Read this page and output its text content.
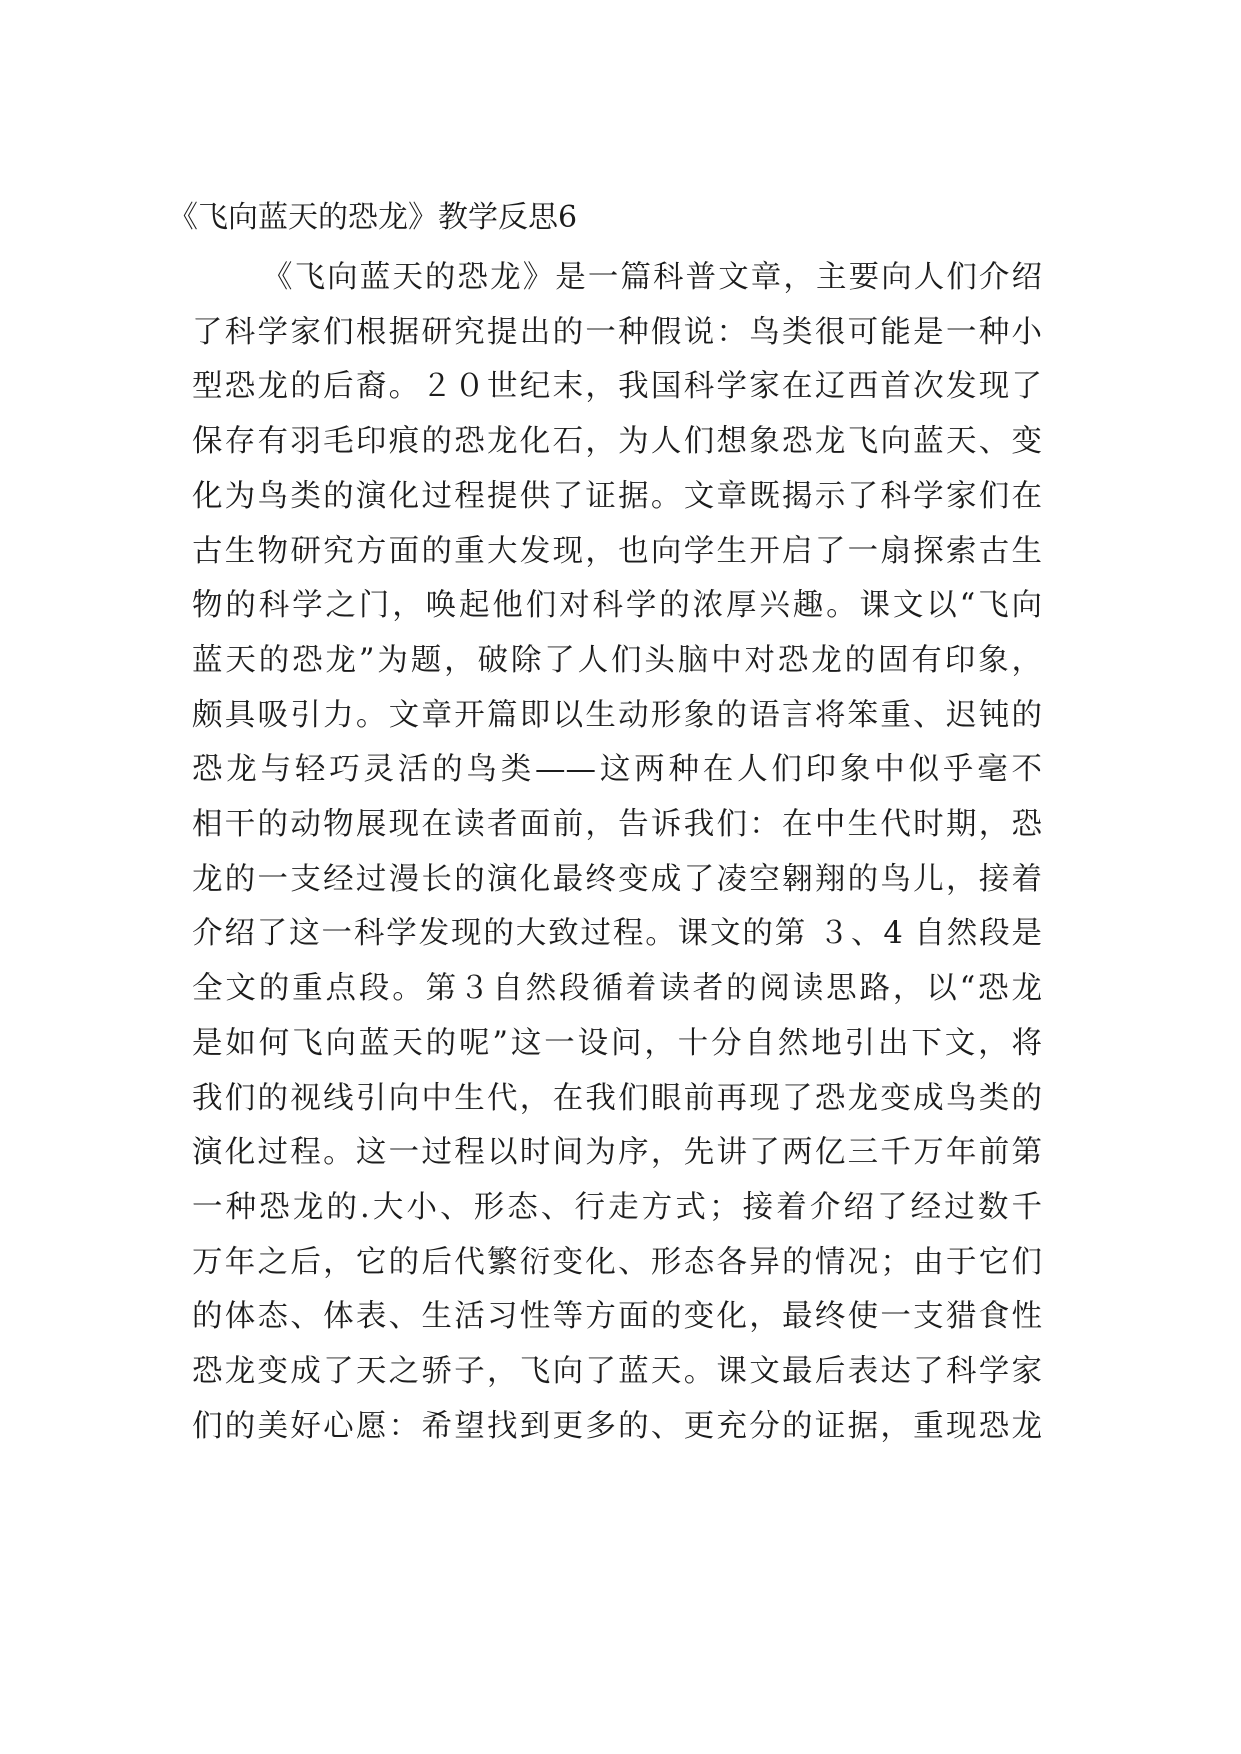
《飞向蓝天的恐龙》教学反思6
《飞向蓝天的恐龙》是一篇科普文章，主要向人们介绍
了科学家们根据研究提出的一种假说：鸟类很可能是一种小
型恐龙的后裔。２０世纪末，我国科学家在辽西首次发现了
保存有羽毛印痕的恐龙化石，为人们想象恐龙飞向蓝天、变
化为鸟类的演化过程提供了证据。文章既揭示了科学家们在
古生物研究方面的重大发现，也向学生开启了一扇探索古生
物的科学之门，唤起他们对科学的浓厚兴趣。课文以“飞向
蓝天的恐龙”为题，破除了人们头脑中对恐龙的固有印象，
颇具吸引力。文章开篇即以生动形象的语言将笨重、迟钝的
恐龙与轻巧灵活的鸟类——这两种在人们印象中似乎毫不
相干的动物展现在读者面前，告诉我们：在中生代时期，恐
龙的一支经过漫长的演化最终变成了凌空翱翔的鸟儿，接着
介绍了这一科学发现的大致过程。课文的第 ３、4 自然段是
全文的重点段。第３自然段循着读者的阅读思路，以“恐龙
是如何飞向蓝天的呢”这一设问，十分自然地引出下文，将
我们的视线引向中生代，在我们眼前再现了恐龙变成鸟类的
演化过程。这一过程以时间为序，先讲了两亿三千万年前第
一种恐龙的.大小、形态、行走方式；接着介绍了经过数千
万年之后，它的后代繁衍变化、形态各异的情况；由于它们
的体态、体表、生活习性等方面的变化，最终使一支猎食性
恐龙变成了天之骄子，飞向了蓝天。课文最后表达了科学家
们的美好心愿：希望找到更多的、更充分的证据，重现恐龙
